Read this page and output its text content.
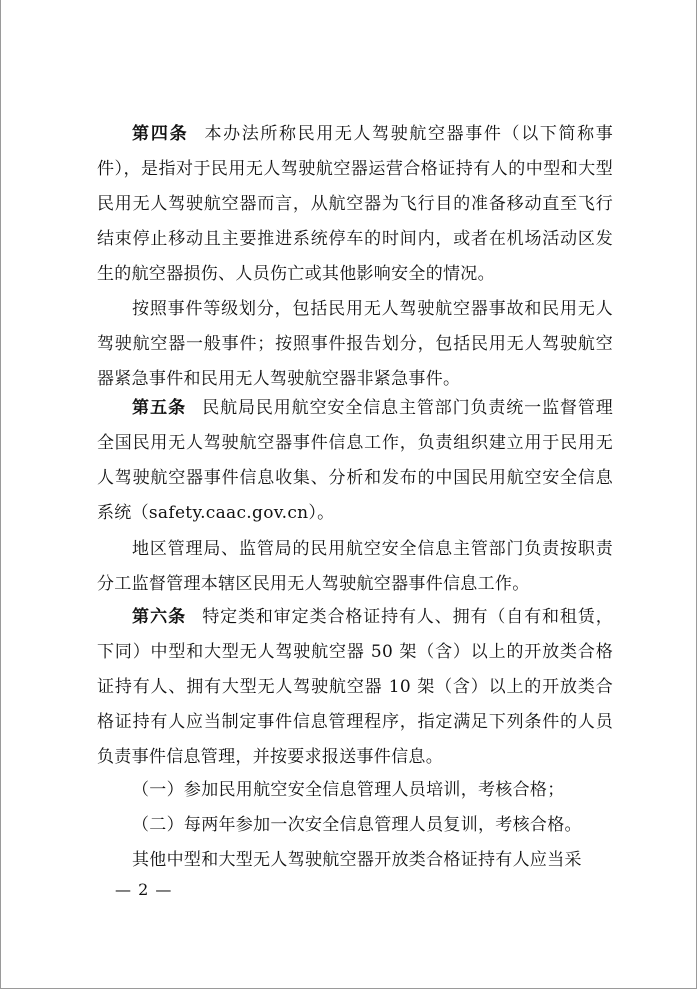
第四条 本办法所称民用无人驾驶航空器事件（以下简称事件），是指对于民用无人驾驶航空器运营合格证持有人的中型和大型民用无人驾驶航空器而言，从航空器为飞行目的准备移动直至飞行结束停止移动且主要推进系统停车的时间内，或者在机场活动区发生的航空器损伤、人员伤亡或其他影响安全的情况。

按照事件等级划分，包括民用无人驾驶航空器事故和民用无人驾驶航空器一般事件；按照事件报告划分，包括民用无人驾驶航空器紧急事件和民用无人驾驶航空器非紧急事件。

第五条 民航局民用航空安全信息主管部门负责统一监督管理全国民用无人驾驶航空器事件信息工作，负责组织建立用于民用无人驾驶航空器事件信息收集、分析和发布的中国民用航空安全信息系统（safety.caac.gov.cn）。

地区管理局、监管局的民用航空安全信息主管部门负责按职责分工监督管理本辖区民用无人驾驶航空器事件信息工作。

第六条 特定类和审定类合格证持有人、拥有（自有和租赁，下同）中型和大型无人驾驶航空器 50 架（含）以上的开放类合格证持有人、拥有大型无人驾驶航空器 10 架（含）以上的开放类合格证持有人应当制定事件信息管理程序，指定满足下列条件的人员负责事件信息管理，并按要求报送事件信息。

（一）参加民用航空安全信息管理人员培训，考核合格；

（二）每两年参加一次安全信息管理人员复训，考核合格。

其他中型和大型无人驾驶航空器开放类合格证持有人应当采

— 2 —
